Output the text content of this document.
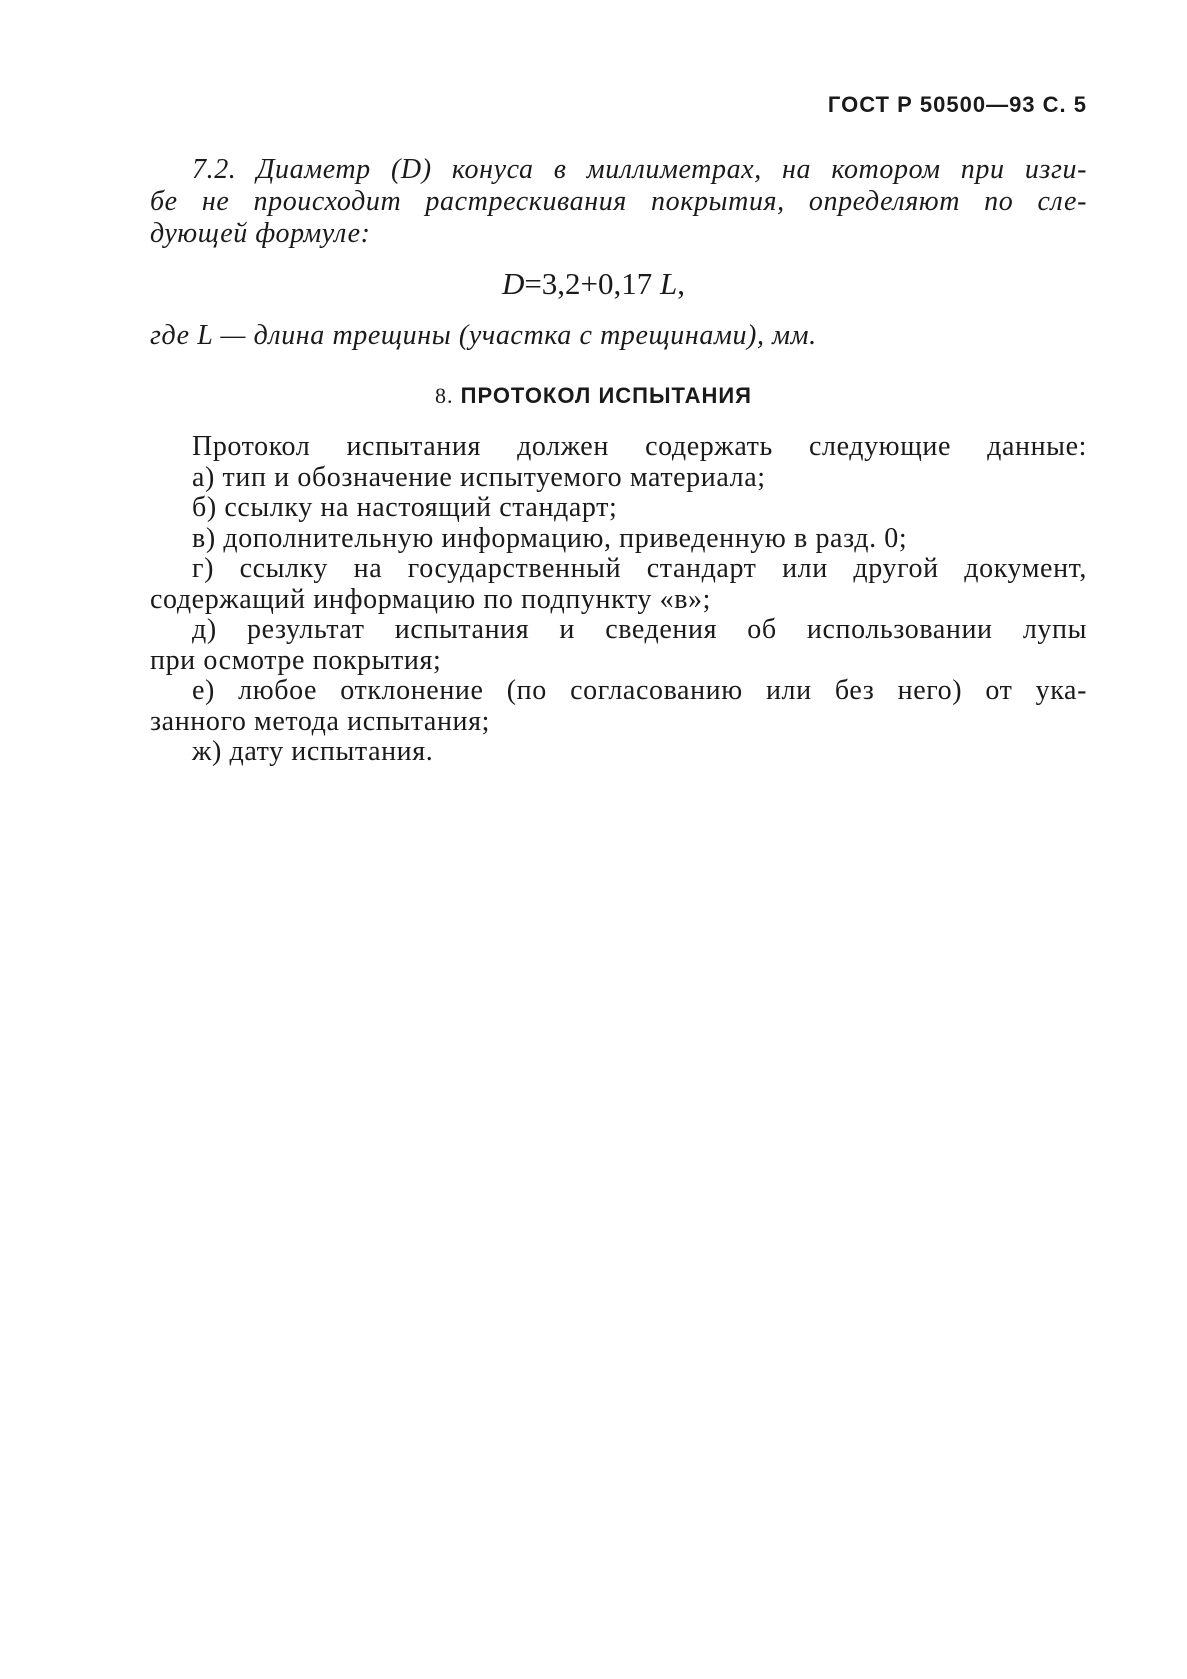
ГОСТ Р 50500—93 С. 5
7.2. Диаметр (D) конуса в миллиметрах, на котором при изги-
бе не происходит растрескивания покрытия, определяют по сле-
дующей формуле:
D=3,2+0,17 L,
где L — длина трещины (участка с трещинами), мм.
8. ПРОТОКОЛ ИСПЫТАНИЯ
Протокол испытания должен содержать следующие данные:
а) тип и обозначение испытуемого материала;
б) ссылку на настоящий стандарт;
в) дополнительную информацию, приведенную в разд. 0;
г) ссылку на государственный стандарт или другой документ,
содержащий информацию по подпункту «в»;
д) результат испытания и сведения об использовании лупы
при осмотре покрытия;
е) любое отклонение (по согласованию или без него) от ука-
занного метода испытания;
ж) дату испытания.
